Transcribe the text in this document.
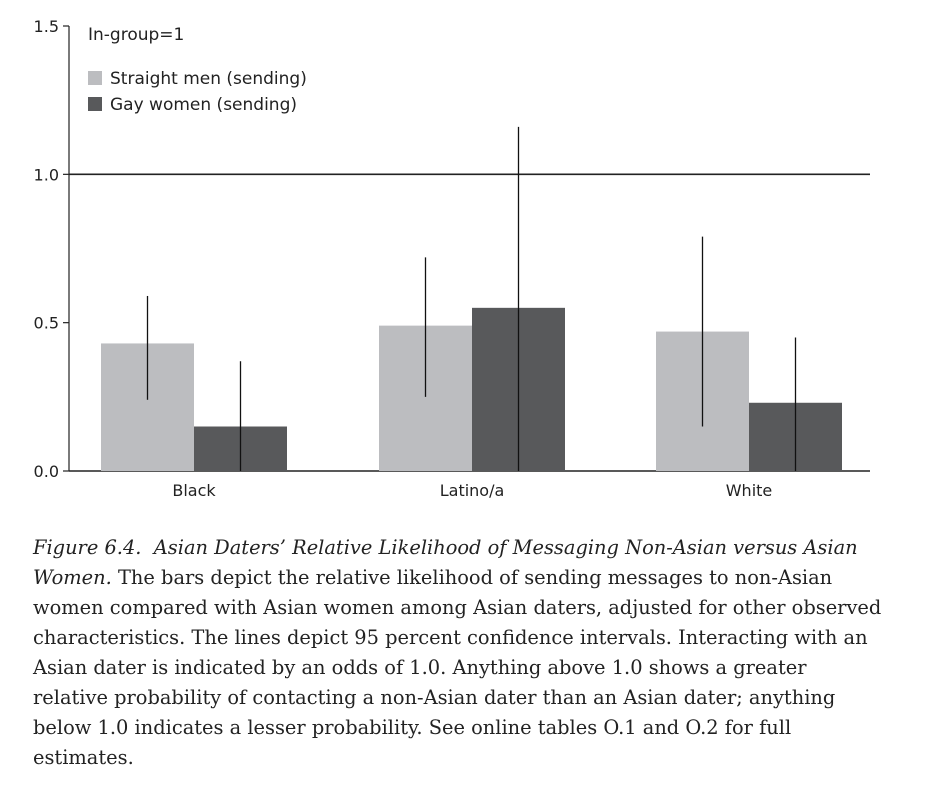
0.0
0.5
1.0
1.5
Black	Latino/a	White
In-group=1
Straight men (sending)
Gay women (sending)
Figure 6.4. Asian Daters’ Relative Likelihood of Messaging Non-Asian versus Asian Women. The bars depict the relative likelihood of sending messages to non-Asian women compared with Asian women among Asian daters, adjusted for other observed characteristics. The lines depict 95 percent confidence intervals. Interacting with an Asian dater is indicated by an odds of 1.0. Anything above 1.0 shows a greater relative probability of contacting a non-Asian dater than an Asian dater; anything below 1.0 indicates a lesser probability. See online tables O.1 and O.2 for full estimates.
